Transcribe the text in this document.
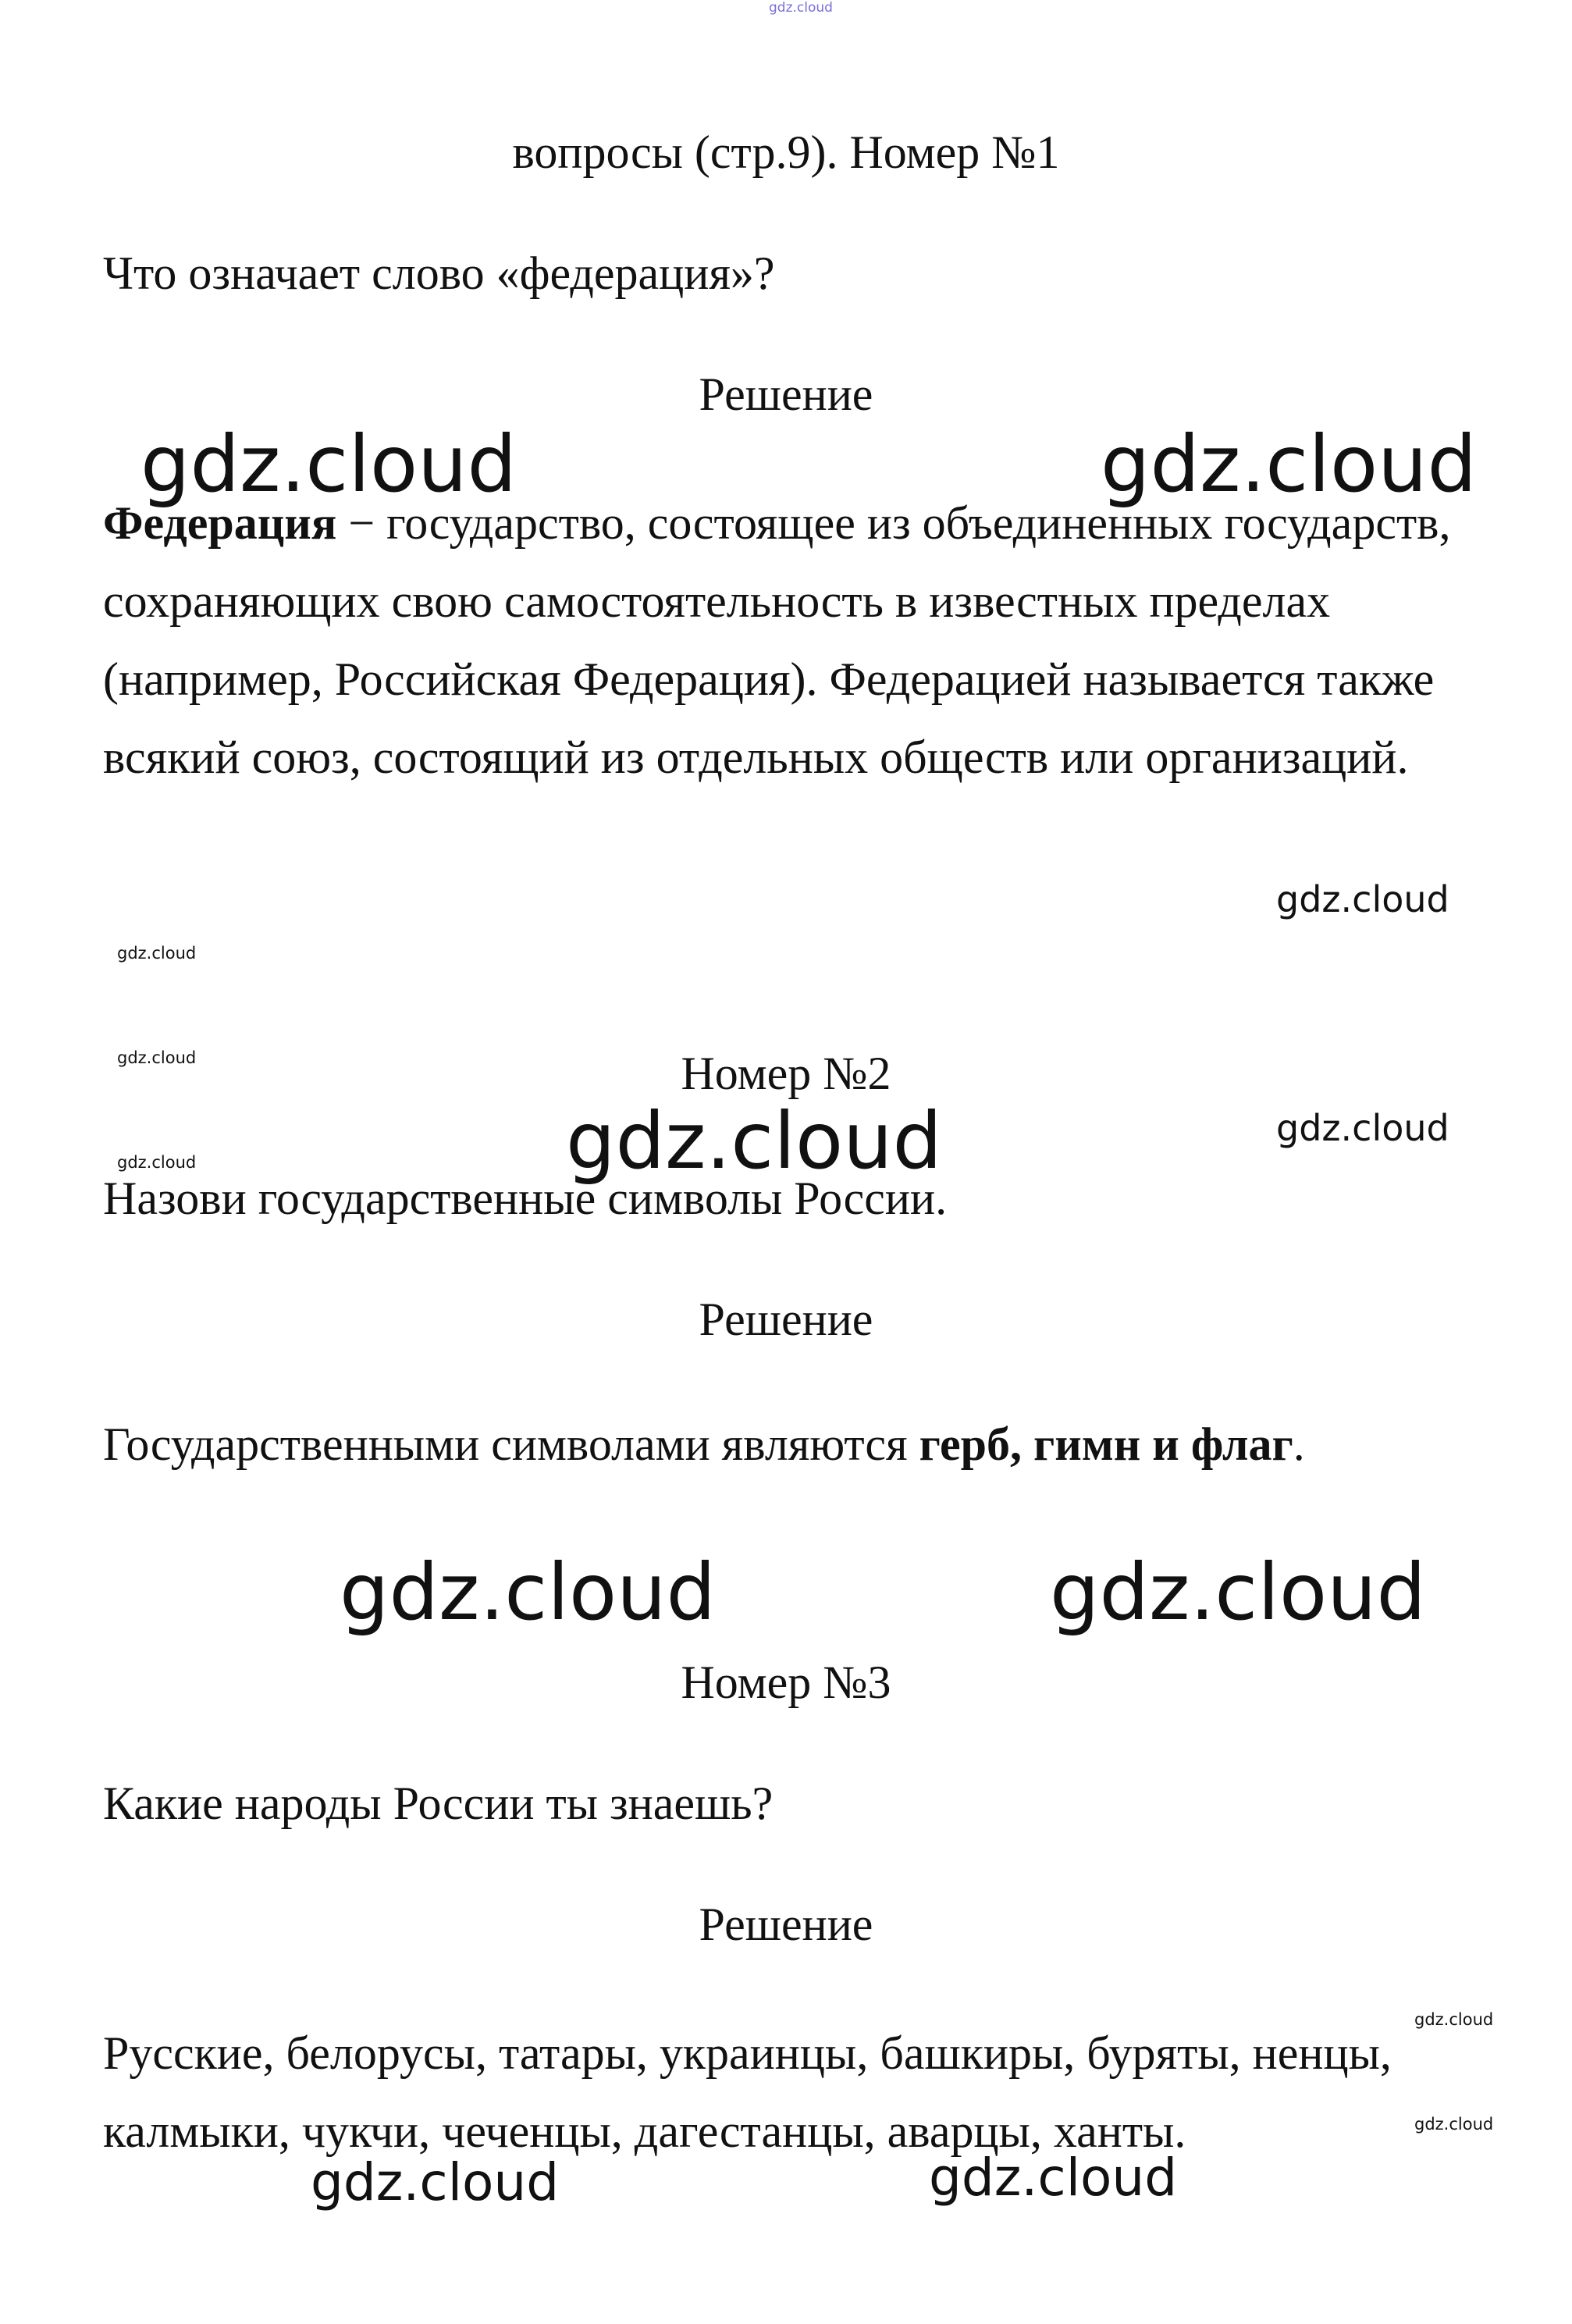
gdz.cloud

вопросы (стр.9). Номер №1

Что означает слово «федерация»?

Решение

Федерация − государство, состоящее из объединенных государств, сохраняющих свою самостоятельность в известных пределах (например, Российская Федерация). Федерацией называется также всякий союз, состоящий из отдельных обществ или организаций.

Номер №2

Назови государственные символы России.

Решение

Государственными символами являются герб, гимн и флаг.

Номер №3

Какие народы России ты знаешь?

Решение

Русские, белорусы, татары, украинцы, башкиры, буряты, ненцы, калмыки, чукчи, чеченцы, дагестанцы, аварцы, ханты.

gdz.cloud	gdz.cloud
gdz.cloud
gdz.cloud
gdz.cloud
gdz.cloud	gdz.cloud	gdz.cloud
gdz.cloud	gdz.cloud
gdz.cloud
gdz.cloud
gdz.cloud	gdz.cloud
